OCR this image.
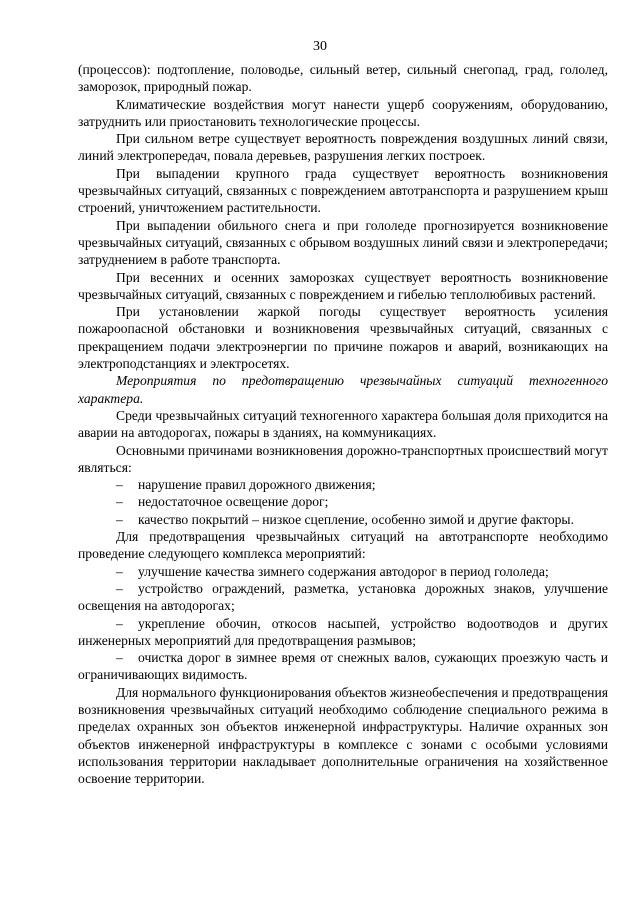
30

(процессов): подтопление, половодье, сильный ветер, сильный снегопад, град, гололед, заморозок, природный пожар.

Климатические воздействия могут нанести ущерб сооружениям, оборудованию, затруднить или приостановить технологические процессы.

При сильном ветре существует вероятность повреждения воздушных линий связи, линий электропередач, повала деревьев, разрушения легких построек.

При выпадении крупного града существует вероятность возникновения чрезвычайных ситуаций, связанных с повреждением автотранспорта и разрушением крыш строений, уничтожением растительности.

При выпадении обильного снега и при гололеде прогнозируется возникновение чрезвычайных ситуаций, связанных с обрывом воздушных линий связи и электропередачи; затруднением в работе транспорта.

При весенних и осенних заморозках существует вероятность возникновение чрезвычайных ситуаций, связанных с повреждением и гибелью теплолюбивых растений.

При установлении жаркой погоды существует вероятность усиления пожароопасной обстановки и возникновения чрезвычайных ситуаций, связанных с прекращением подачи электроэнергии по причине пожаров и аварий, возникающих на электроподстанциях и электросетях.

Мероприятия по предотвращению чрезвычайных ситуаций техногенного характера.

Среди чрезвычайных ситуаций техногенного характера большая доля приходится на аварии на автодорогах, пожары в зданиях, на коммуникациях.

Основными причинами возникновения дорожно-транспортных происшествий могут являться:

– нарушение правил дорожного движения;

– недостаточное освещение дорог;

– качество покрытий – низкое сцепление, особенно зимой и другие факторы.

Для предотвращения чрезвычайных ситуаций на автотранспорте необходимо проведение следующего комплекса мероприятий:

– улучшение качества зимнего содержания автодорог в период гололеда;

– устройство ограждений, разметка, установка дорожных знаков, улучшение освещения на автодорогах;

– укрепление обочин, откосов насыпей, устройство водоотводов и других инженерных мероприятий для предотвращения размывов;

– очистка дорог в зимнее время от снежных валов, сужающих проезжую часть и ограничивающих видимость.

Для нормального функционирования объектов жизнеобеспечения и предотвращения возникновения чрезвычайных ситуаций необходимо соблюдение специального режима в пределах охранных зон объектов инженерной инфраструктуры. Наличие охранных зон объектов инженерной инфраструктуры в комплексе с зонами с особыми условиями использования территории накладывает дополнительные ограничения на хозяйственное освоение территории.
